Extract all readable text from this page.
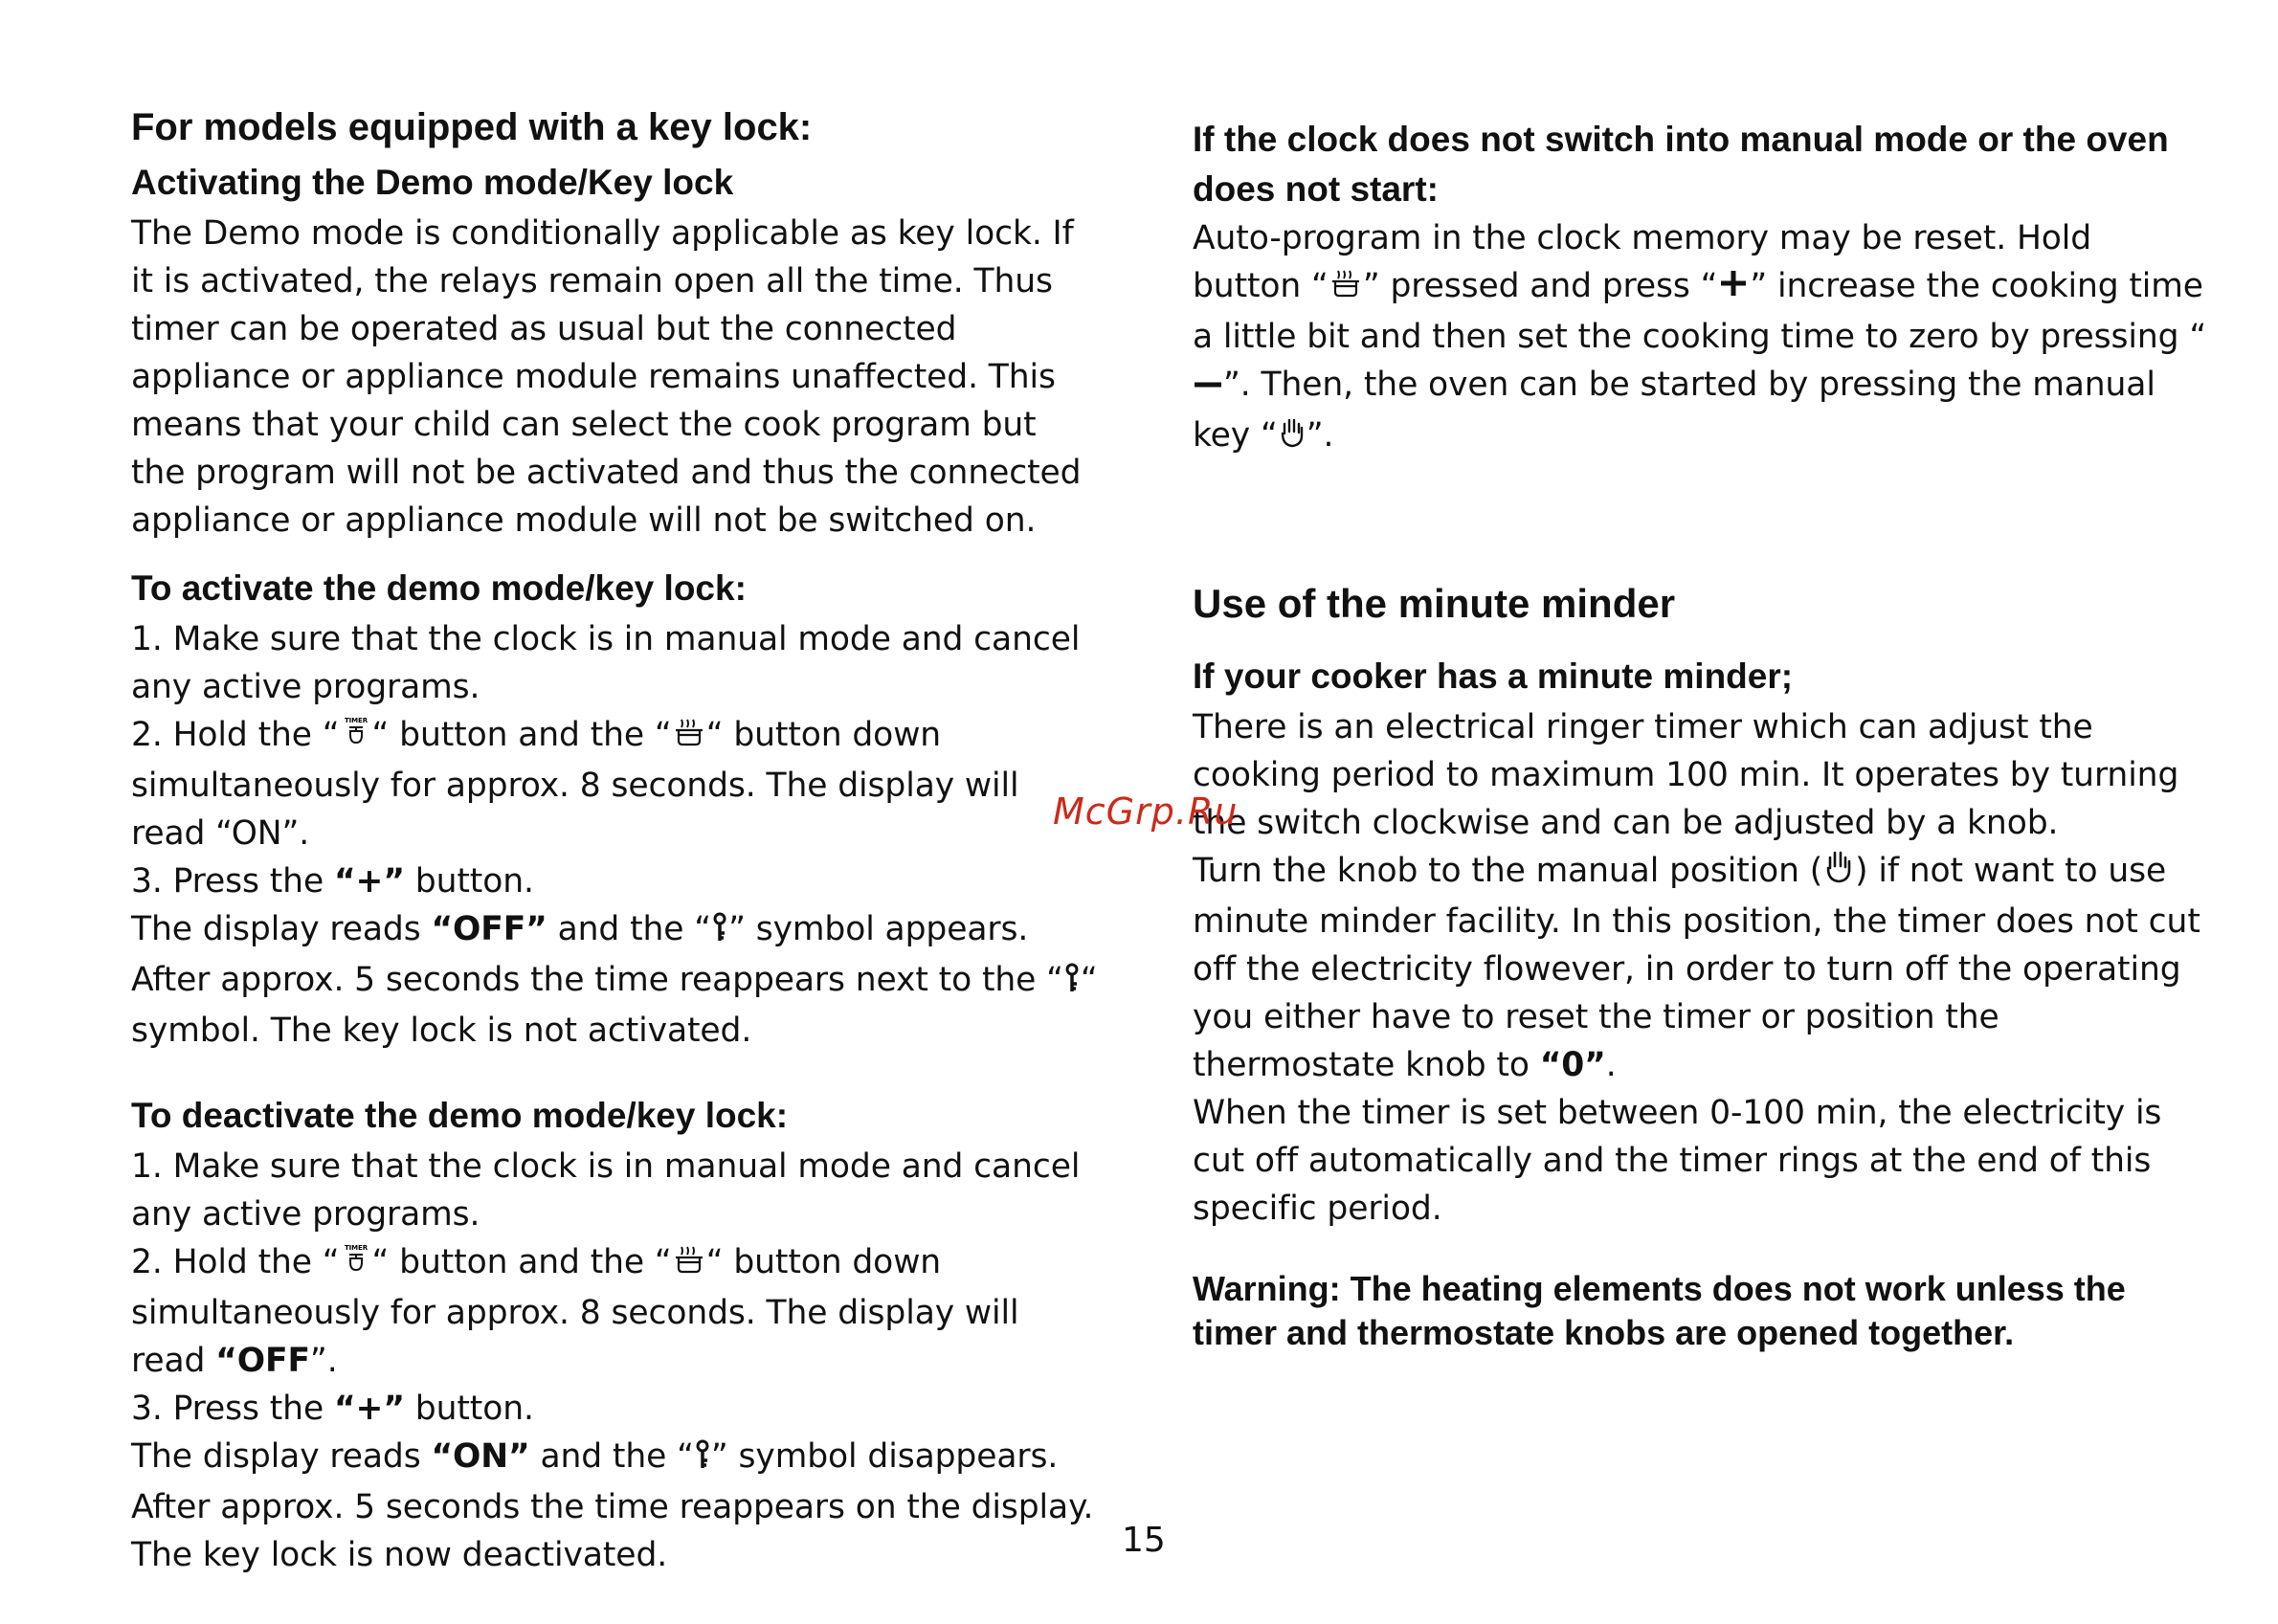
For models equipped with a key lock:
Activating the Demo mode/Key lock

The Demo mode is conditionally applicable as key lock. If it is activated, the relays remain open all the time. Thus timer can be operated as usual but the connected appliance or appliance module remains unaffected. This means that your child can select the cook program but the program will not be activated and thus the connected appliance or appliance module will not be switched on.

To activate the demo mode/key lock:

1. Make sure that the clock is in manual mode and cancel any active programs.

2. Hold the “ TIMER “ button and the “ “ button down simultaneously for approx. 8 seconds. The display will read “ON”.

3. Press the “+” button.

The display reads “OFF” and the “ ” symbol appears.

After approx. 5 seconds the time reappears next to the “ “ symbol. The key lock is not activated.

To deactivate the demo mode/key lock:

1. Make sure that the clock is in manual mode and cancel any active programs.

2. Hold the “ TIMER “ button and the “ “ button down simultaneously for approx. 8 seconds. The display will read “OFF”.

3. Press the “+” button.

The display reads “ON” and the “ ” symbol disappears.

After approx. 5 seconds the time reappears on the display. The key lock is now deactivated.

If the clock does not switch into manual mode or the oven does not start:

Auto-program in the clock memory may be reset. Hold button “ ” pressed and press “ ” increase the cooking time a little bit and then set the cooking time to zero by pressing “”. Then, the oven can be started by pressing the manual key “ ”.

Use of the minute minder
If your cooker has a minute minder;

There is an electrical ringer timer which can adjust the cooking period to maximum 100 min. It operates by turning the switch clockwise and can be adjusted by a knob.

Turn the knob to the manual position ( ) if not want to use minute minder facility. In this position, the timer does not cut off the electricity flowever, in order to turn off the operating you either have to reset the timer or position the thermostate knob to “0”.

When the timer is set between 0-100 min, the electricity is cut off automatically and the timer rings at the end of this specific period.

Warning: The heating elements does not work unless the timer and thermostate knobs are opened together.
McGrp.Ru
15
